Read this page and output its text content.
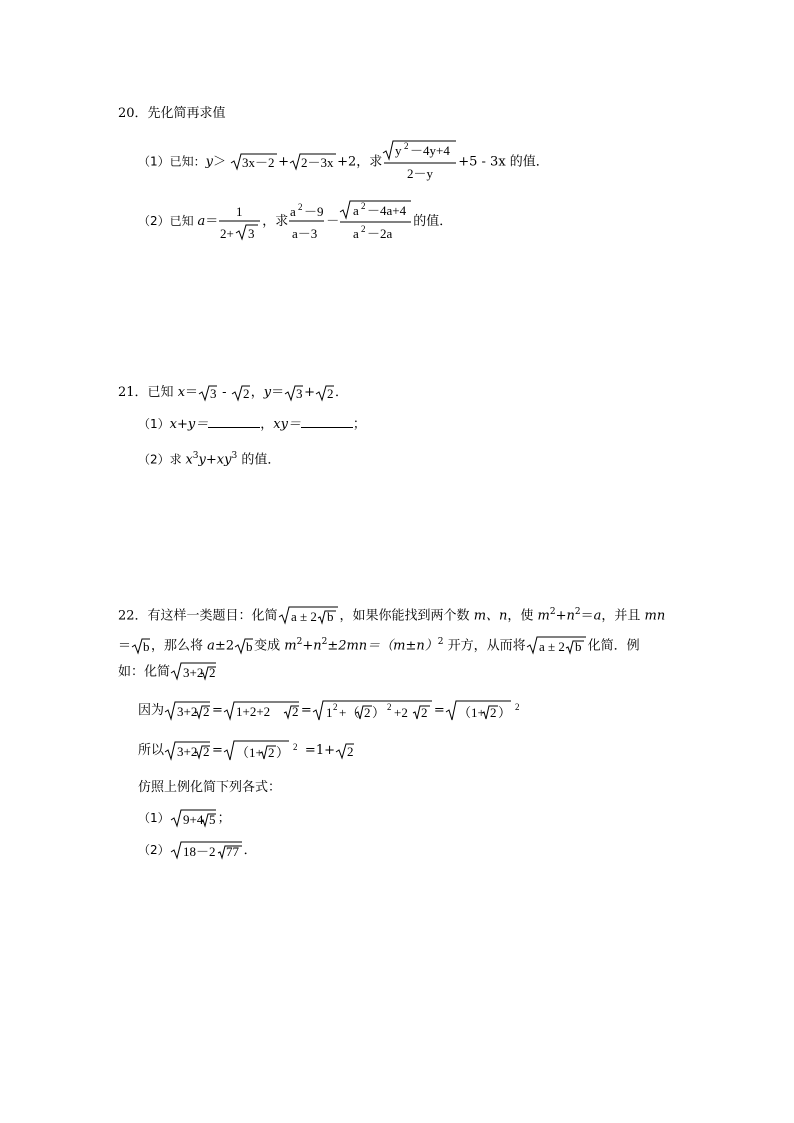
20．先化简再求值
（1）已知：y＞ 3x－2 + 2－3x +2，求
y 2 －4y+4
2－y
+5 - 3x 的值．
（2）已知 a＝
1
2+ 3
，求
a 2 －9
a－3
－
a 2 －4a+4
a 2 －2a
的值．
21．已知 x＝ 3 - 2 ，y＝ 3 + 2 ．
（1）x+y＝	，xy＝	；
（2）求 $x^3y+xy^3$ 的值．
22．有这样一类题目：化简 a ± 2 b ，如果你能找到两个数 m、n，使 $m^2+n^2=a$，并且 mn
＝ b ，那么将 a±2 b 变成 $m^2+n^2\pm 2mn=(m\pm n)^2$ 开方，从而将 a ± 2 b 化简．例
如：化简 3+2 2
因为 3+2 2 = 1+2+2 2 = 1 2 +（ 2 ） 2 +2 2 = （1+ 2 ） 2
所以 3+2 2 = （1+ 2 ） 2 =1+ 2
仿照上例化简下列各式：
（1） 9+4 5 ；
（2） 18－2 77 ．
